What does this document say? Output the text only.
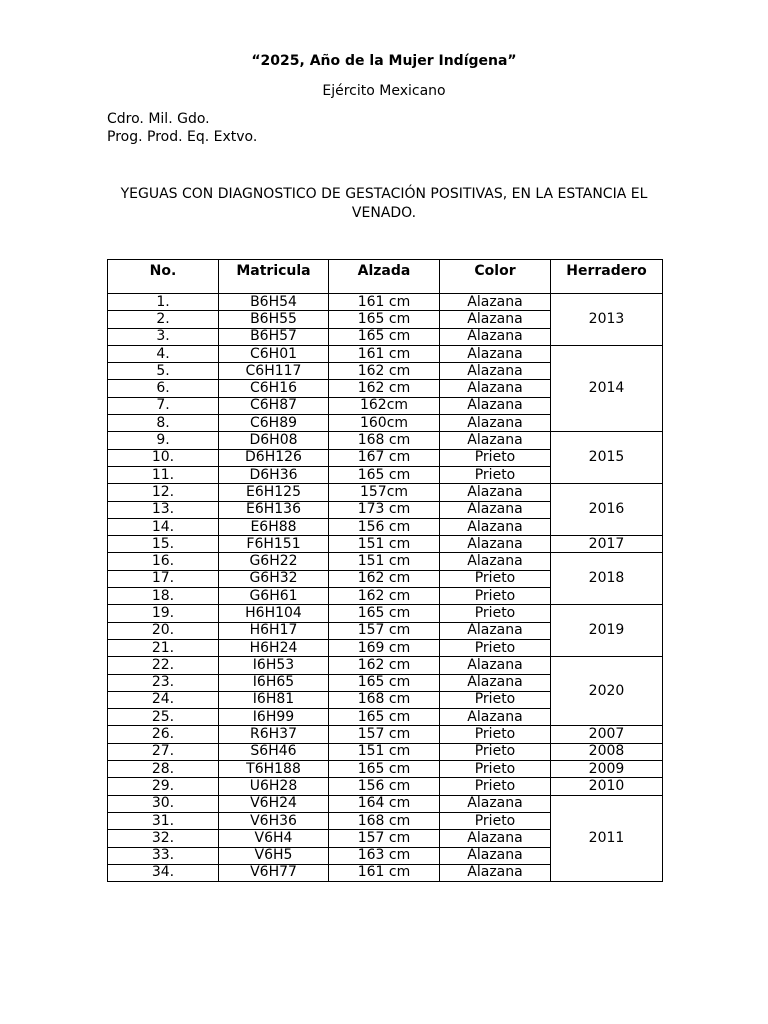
“2025, Año de la Mujer Indígena”
Ejército Mexicano
Cdro. Mil. Gdo.
Prog. Prod. Eq. Extvo.
YEGUAS CON DIAGNOSTICO DE GESTACIÓN POSITIVAS, EN LA ESTANCIA EL VENADO.
No.	Matricula	Alzada	Color	Herradero
1.	B6H54	161 cm	Alazana	2013
2.	B6H55	165 cm	Alazana	
3.	B6H57	165 cm	Alazana	
4.	C6H01	161 cm	Alazana	2014
5.	C6H117	162 cm	Alazana	
6.	C6H16	162 cm	Alazana	
7.	C6H87	162cm	Alazana	
8.	C6H89	160cm	Alazana	
9.	D6H08	168 cm	Alazana	2015
10.	D6H126	167 cm	Prieto	
11.	D6H36	165 cm	Prieto	
12.	E6H125	157cm	Alazana	2016
13.	E6H136	173 cm	Alazana	
14.	E6H88	156 cm	Alazana	
15.	F6H151	151 cm	Alazana	2017
16.	G6H22	151 cm	Alazana	2018
17.	G6H32	162 cm	Prieto	
18.	G6H61	162 cm	Prieto	
19.	H6H104	165 cm	Prieto	2019
20.	H6H17	157 cm	Alazana	
21.	H6H24	169 cm	Prieto	
22.	I6H53	162 cm	Alazana	2020
23.	I6H65	165 cm	Alazana	
24.	I6H81	168 cm	Prieto	
25.	I6H99	165 cm	Alazana	
26.	R6H37	157 cm	Prieto	2007
27.	S6H46	151 cm	Prieto	2008
28.	T6H188	165 cm	Prieto	2009
29.	U6H28	156 cm	Prieto	2010
30.	V6H24	164 cm	Alazana	2011
31.	V6H36	168 cm	Prieto	
32.	V6H4	157 cm	Alazana	
33.	V6H5	163 cm	Alazana	
34.	V6H77	161 cm	Alazana	
